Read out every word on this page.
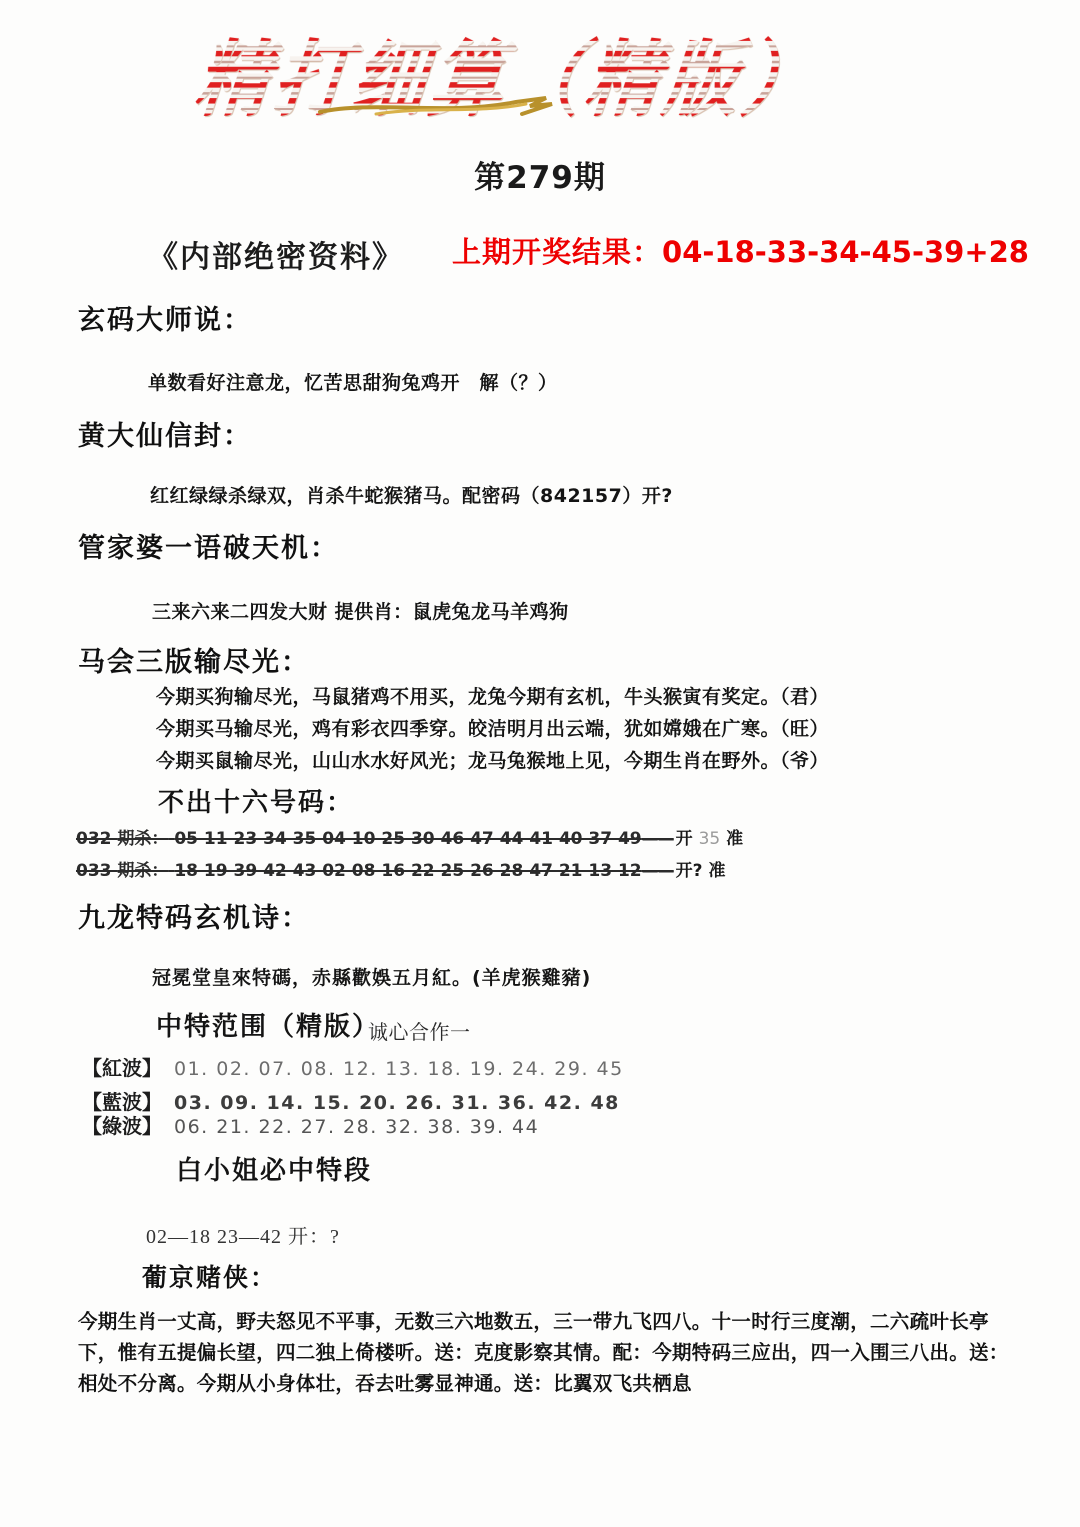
精打细算（精版）
第279期
《内部绝密资料》 上期开奖结果：04-18-33-34-45-39+28
玄码大师说：
单数看好注意龙，忆苦思甜狗兔鸡开　解（？）
黄大仙信封：
红红绿绿杀绿双，肖杀牛蛇猴猪马。配密码（842157）开?
管家婆一语破天机：
三来六来二四发大财 提供肖：鼠虎兔龙马羊鸡狗
马会三版输尽光：
今期买狗输尽光，马鼠猪鸡不用买，龙兔今期有玄机，牛头猴寅有奖定。（君）
今期买马输尽光，鸡有彩衣四季穿。皎洁明月出云端，犹如嫦娥在广寒。（旺）
今期买鼠输尽光，山山水水好风光；龙马兔猴地上见，今期生肖在野外。（爷）
不出十六号码：
032 期杀： 05 11 23 34 35 04 10 25 30 46 47 44 41 40 37 49—— 开 35 准
033 期杀： 18 19 39 42 43 02 08 16 22 25 26 28 47 21 13 12—— 开? 准
九龙特码玄机诗：
冠冕堂皇來特碼，赤縣歡娛五月紅。(羊虎猴雞豬)
中特范围（精版）
诚心合作一
【紅波】 01. 02. 07. 08. 12. 13. 18. 19. 24. 29. 45
【藍波】 03. 09. 14. 15. 20. 26. 31. 36. 42. 48
【綠波】 06. 21. 22. 27. 28. 32. 38. 39. 44
白小姐必中特段
02—18 23—42 开：?
葡京赌侠：
今期生肖一丈高，野夫怒见不平事，无数三六地数五，三一带九飞四八。十一时行三度潮，二六疏叶长亭
下，惟有五提偏长望，四二独上倚楼听。送：克度影察其情。配：今期特码三应出，四一入围三八出。送：
相处不分离。今期从小身体壮，吞去吐雾显神通。送：比翼双飞共栖息
